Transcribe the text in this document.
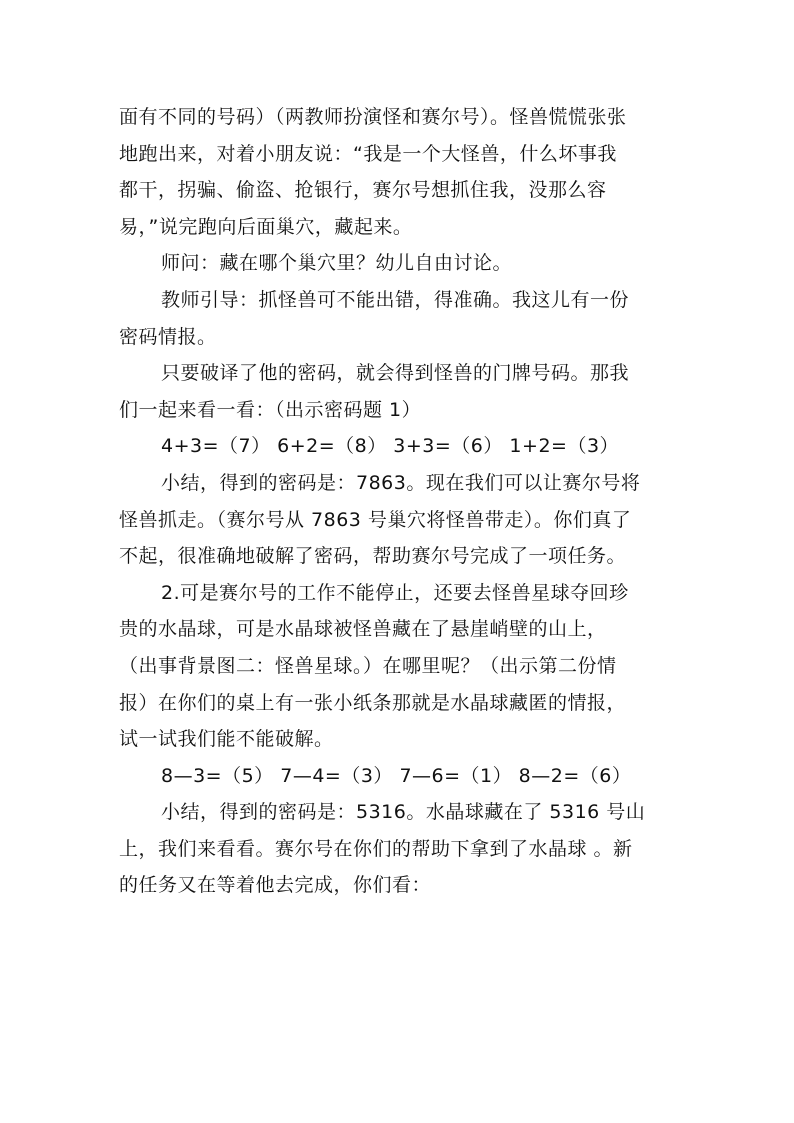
面有不同的号码）（两教师扮演怪和赛尔号）。怪兽慌慌张张
地跑出来，对着小朋友说：“我是一个大怪兽，什么坏事我
都干，拐骗、偷盗、抢银行，赛尔号想抓住我，没那么容
易，”说完跑向后面巢穴，藏起来。

师问：藏在哪个巢穴里？幼儿自由讨论。

教师引导：抓怪兽可不能出错，得准确。我这儿有一份
密码情报。

只要破译了他的密码，就会得到怪兽的门牌号码。那我
们一起来看一看：（出示密码题 1）

4+3=（7） 6+2=（8） 3+3=（6） 1+2=（3）

小结，得到的密码是：7863。现在我们可以让赛尔号将
怪兽抓走。（赛尔号从 7863 号巢穴将怪兽带走）。你们真了
不起，很准确地破解了密码，帮助赛尔号完成了一项任务。

2.可是赛尔号的工作不能停止，还要去怪兽星球夺回珍
贵的水晶球，可是水晶球被怪兽藏在了悬崖峭壁的山上，
（出事背景图二：怪兽星球。）在哪里呢？（出示第二份情
报）在你们的桌上有一张小纸条那就是水晶球藏匿的情报，
试一试我们能不能破解。

8—3=（5） 7—4=（3） 7—6=（1） 8—2=（6）

小结，得到的密码是：5316。水晶球藏在了 5316 号山
上，我们来看看。赛尔号在你们的帮助下拿到了水晶球 。新
的任务又在等着他去完成，你们看：
